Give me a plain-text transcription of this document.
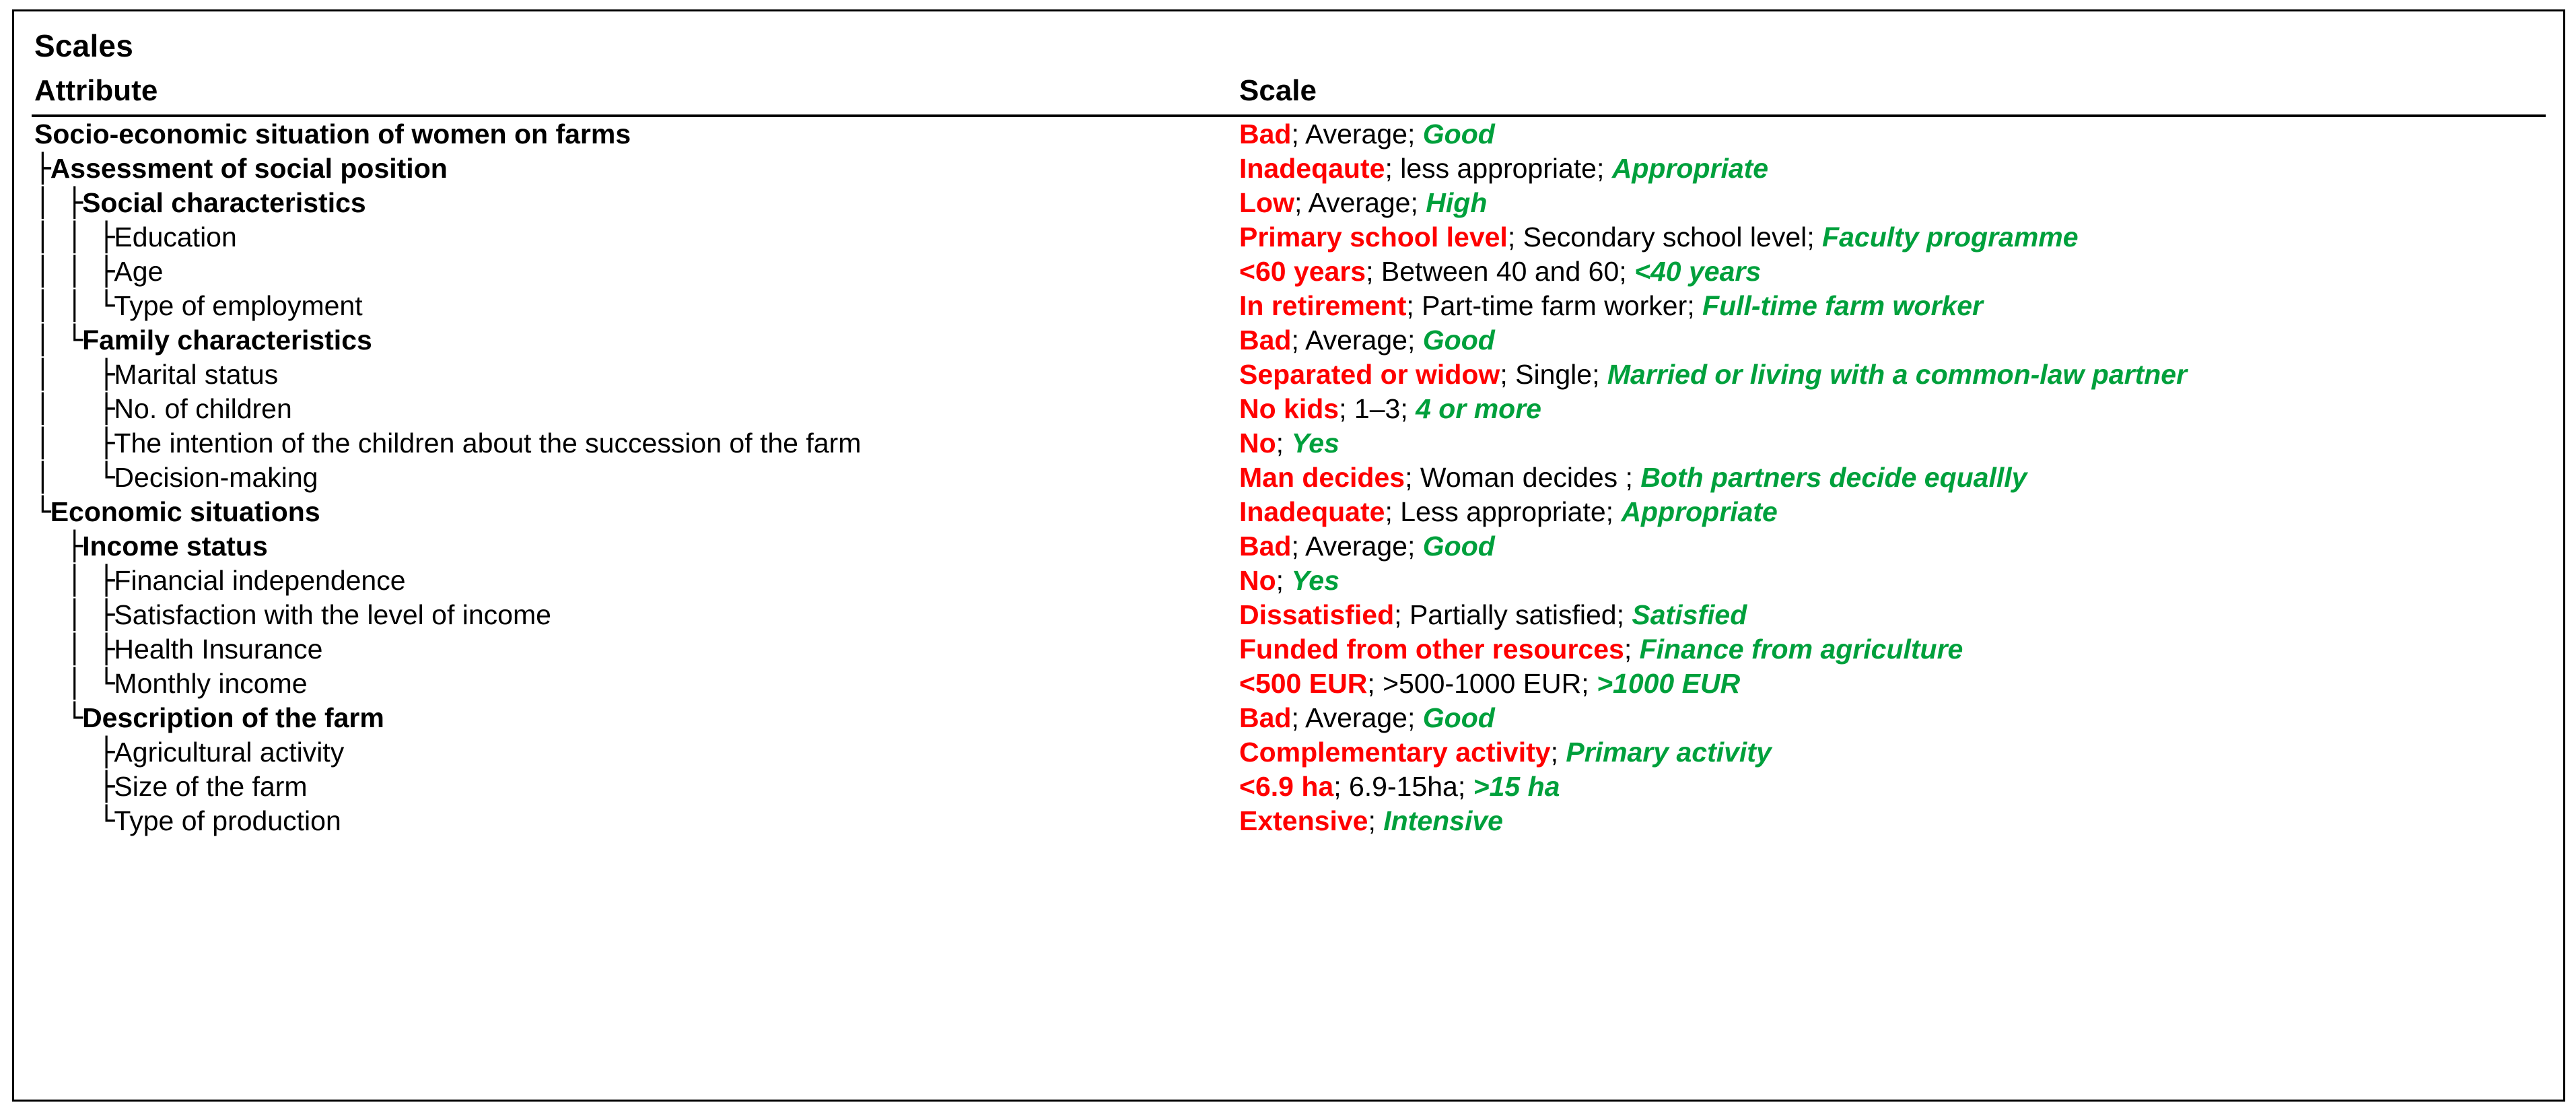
Scales
Attribute	Scale
Socio-economic situation of women on farms	Bad; Average; Good
├Assessment of social position	Inadeqaute; less appropriate; Appropriate
│ ├Social characteristics	Low; Average; High
│ │ ├Education	Primary school level; Secondary school level; Faculty programme
│ │ ├Age	<60 years; Between 40 and 60; <40 years
│ │ └Type of employment	In retirement; Part-time farm worker; Full-time farm worker
│ └Family characteristics	Bad; Average; Good
│   ├Marital status	Separated or widow; Single; Married or living with a common-law partner
│   ├No. of children	No kids; 1–3; 4 or more
│   ├The intention of the children about the succession of the farm	No; Yes
│   └Decision-making	Man decides; Woman decides ; Both partners decide equallly
└Economic situations	Inadequate; Less appropriate; Appropriate
├Income status	Bad; Average; Good
│ ├Financial independence	No; Yes
│ ├Satisfaction with the level of income	Dissatisfied; Partially satisfied; Satisfied
│ ├Health Insurance	Funded from other resources; Finance from agriculture
│ └Monthly income	<500 EUR; >500-1000 EUR; >1000 EUR
└Description of the farm	Bad; Average; Good
├Agricultural activity	Complementary activity; Primary activity
├Size of the farm	<6.9 ha; 6.9-15ha; >15 ha
└Type of production	Extensive; Intensive
